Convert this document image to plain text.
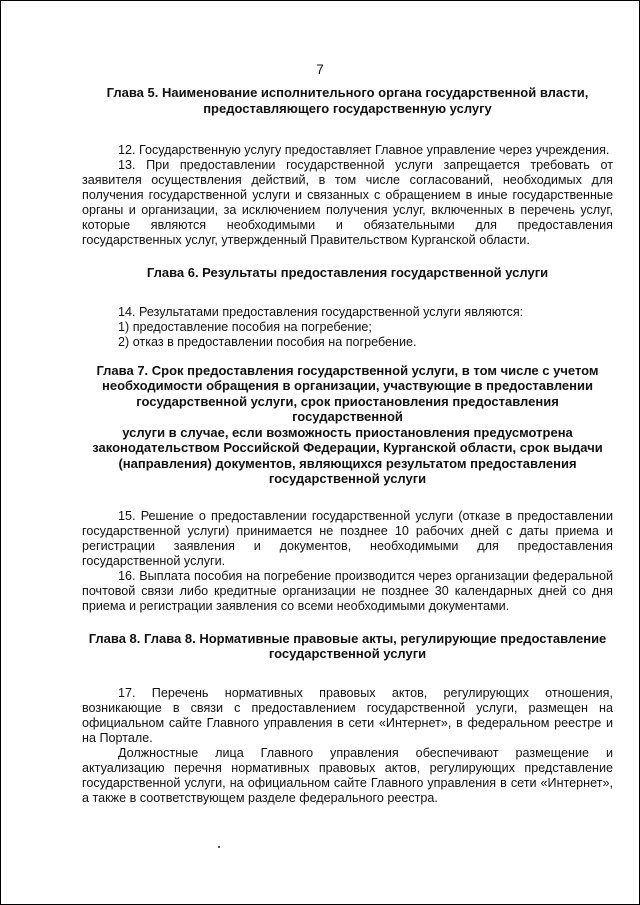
7

Глава 5. Наименование исполнительного органа государственной власти,

предоставляющего государственную услугу

12. Государственную услугу предоставляет Главное управление через учреждения.

13. При предоставлении государственной услуги запрещается требовать от заявителя осуществления действий, в том числе согласований, необходимых для получения государственной услуги и связанных с обращением в иные государственные органы и организации, за исключением получения услуг, включенных в перечень услуг, которые являются необходимыми и обязательными для предоставления государственных услуг, утвержденный Правительством Курганской области.

Глава 6. Результаты предоставления государственной услуги

14. Результатами предоставления государственной услуги являются:

1) предоставление пособия на погребение;

2) отказ в предоставлении пособия на погребение.

Глава 7. Срок предоставления государственной услуги, в том числе с учетом

необходимости обращения в организации, участвующие в предоставлении

государственной услуги, срок приостановления предоставления государственной

услуги в случае, если возможность приостановления предусмотрена

законодательством Российской Федерации, Курганской области, срок выдачи

(направления) документов, являющихся результатом предоставления

государственной услуги

15. Решение о предоставлении государственной услуги (отказе в предоставлении государственной услуги) принимается не позднее 10 рабочих дней с даты приема и регистрации заявления и документов, необходимыми для предоставления государственной услуги.

16. Выплата пособия на погребение производится через организации федеральной почтовой связи либо кредитные организации не позднее 30 календарных дней со дня приема и регистрации заявления со всеми необходимыми документами.

Глава 8. Глава 8. Нормативные правовые акты, регулирующие предоставление

государственной услуги

17. Перечень нормативных правовых актов, регулирующих отношения, возникающие в связи с предоставлением государственной услуги, размещен на официальном сайте Главного управления в сети «Интернет», в федеральном реестре и на Портале.

Должностные лица Главного управления обеспечивают размещение и актуализацию перечня нормативных правовых актов, регулирующих представление государственной услуги, на официальном сайте Главного управления в сети «Интернет», а также в соответствующем разделе федерального реестра.
